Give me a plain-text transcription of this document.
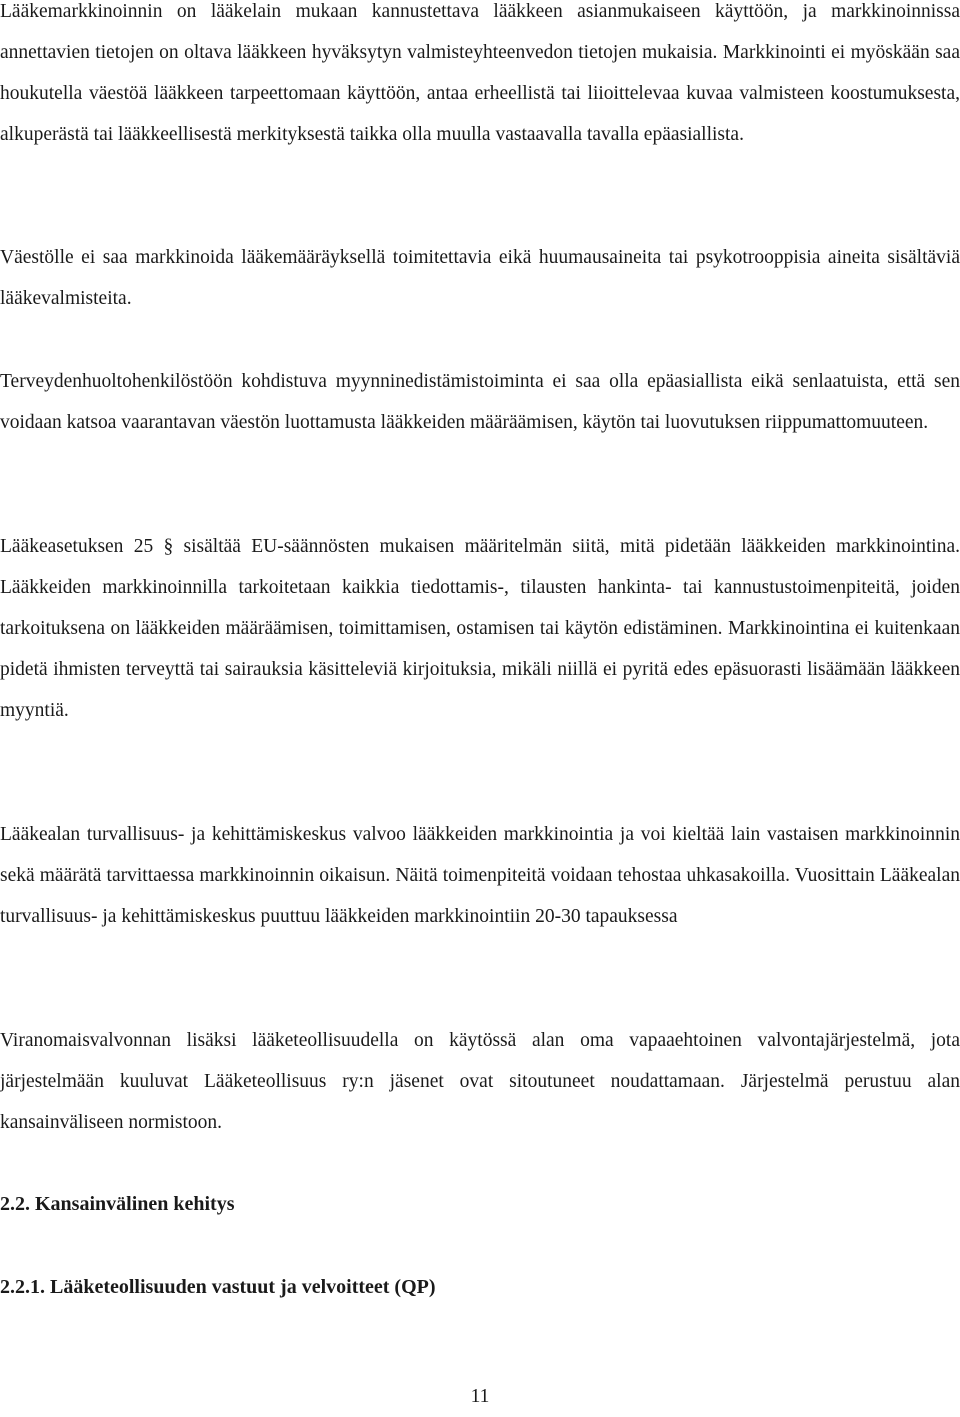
Lääkemarkkinoinnin on lääkelain mukaan kannustettava lääkkeen asianmukaiseen käyttöön, ja markkinoinnissa annettavien tietojen on oltava lääkkeen hyväksytyn valmisteyhteenvedon tietojen mukaisia. Markkinointi ei myöskään saa houkutella väestöä lääkkeen tarpeettomaan käyttöön, antaa erheellistä tai liioittelevaa kuvaa valmisteen koostumuksesta, alkuperästä tai lääkkeellisestä merkityksestä taikka olla muulla vastaavalla tavalla epäasiallista.

Väestölle ei saa markkinoida lääkemääräyksellä toimitettavia eikä huumausaineita tai psykotrooppisia aineita sisältäviä lääkevalmisteita.

Terveydenhuoltohenkilöstöön kohdistuva myynninedistämistoiminta ei saa olla epäasiallista eikä senlaatuista, että sen voidaan katsoa vaarantavan väestön luottamusta lääkkeiden määräämisen, käytön tai luovutuksen riippumattomuuteen.

Lääkeasetuksen 25 § sisältää EU-säännösten mukaisen määritelmän siitä, mitä pidetään lääkkeiden markkinointina. Lääkkeiden markkinoinnilla tarkoitetaan kaikkia tiedottamis-, tilausten hankinta- tai kannustustoimenpiteitä, joiden tarkoituksena on lääkkeiden määräämisen, toimittamisen, ostamisen tai käytön edistäminen. Markkinointina ei kuitenkaan pidetä ihmisten terveyttä tai sairauksia käsitteleviä kirjoituksia, mikäli niillä ei pyritä edes epäsuorasti lisäämään lääkkeen myyntiä.

Lääkealan turvallisuus- ja kehittämiskeskus valvoo lääkkeiden markkinointia ja voi kieltää lain vastaisen markkinoinnin sekä määrätä tarvittaessa markkinoinnin oikaisun. Näitä toimenpiteitä voidaan tehostaa uhkasakoilla. Vuosittain Lääkealan turvallisuus- ja kehittämiskeskus puuttuu lääkkeiden markkinointiin 20-30 tapauksessa

Viranomaisvalvonnan lisäksi lääketeollisuudella on käytössä alan oma vapaaehtoinen valvontajärjestelmä, jota järjestelmään kuuluvat Lääketeollisuus ry:n jäsenet ovat sitoutuneet noudattamaan. Järjestelmä perustuu alan kansainväliseen normistoon.

2.2. Kansainvälinen kehitys
2.2.1. Lääketeollisuuden vastuut ja velvoitteet (QP)
11
